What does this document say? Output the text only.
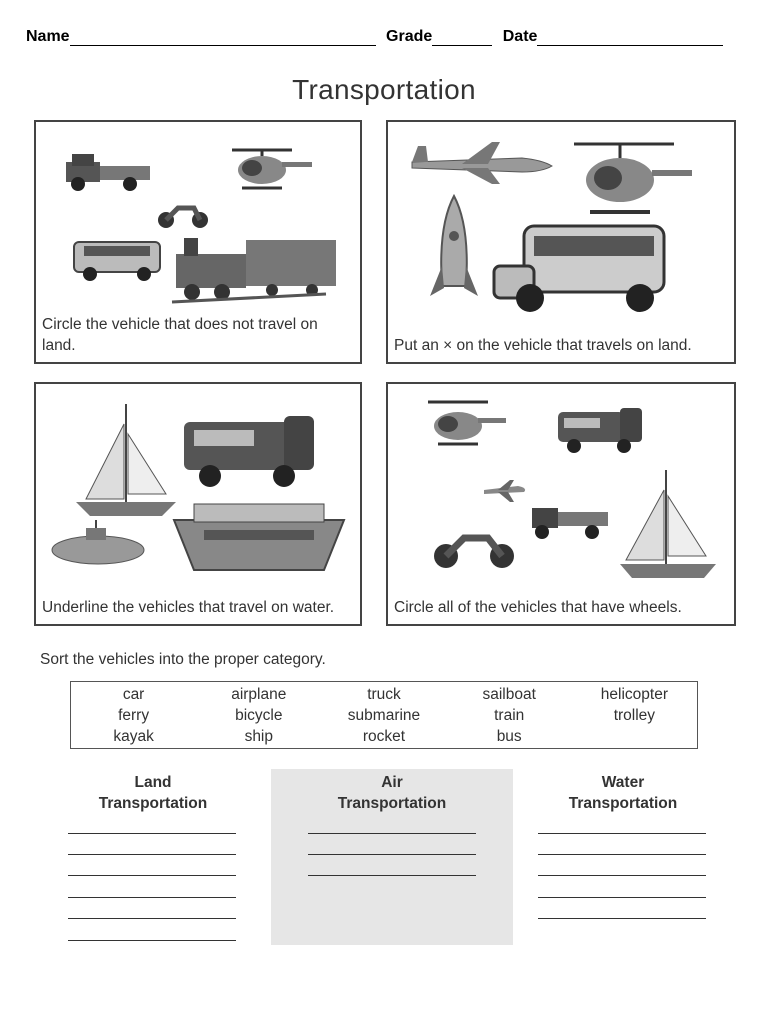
Name	Grade	Date
Transportation
Circle the vehicle that does not travel on land.	Put an × on the vehicle that travels on land.
Underline the vehicles that travel on water.	Circle all of the vehicles that have wheels.
Sort the vehicles into the proper category.
car	airplane	truck	sailboat	helicopter
ferry	bicycle	submarine	train	trolley
kayak	ship	rocket	bus
Land
Transportation
Air
Transportation
Water
Transportation
